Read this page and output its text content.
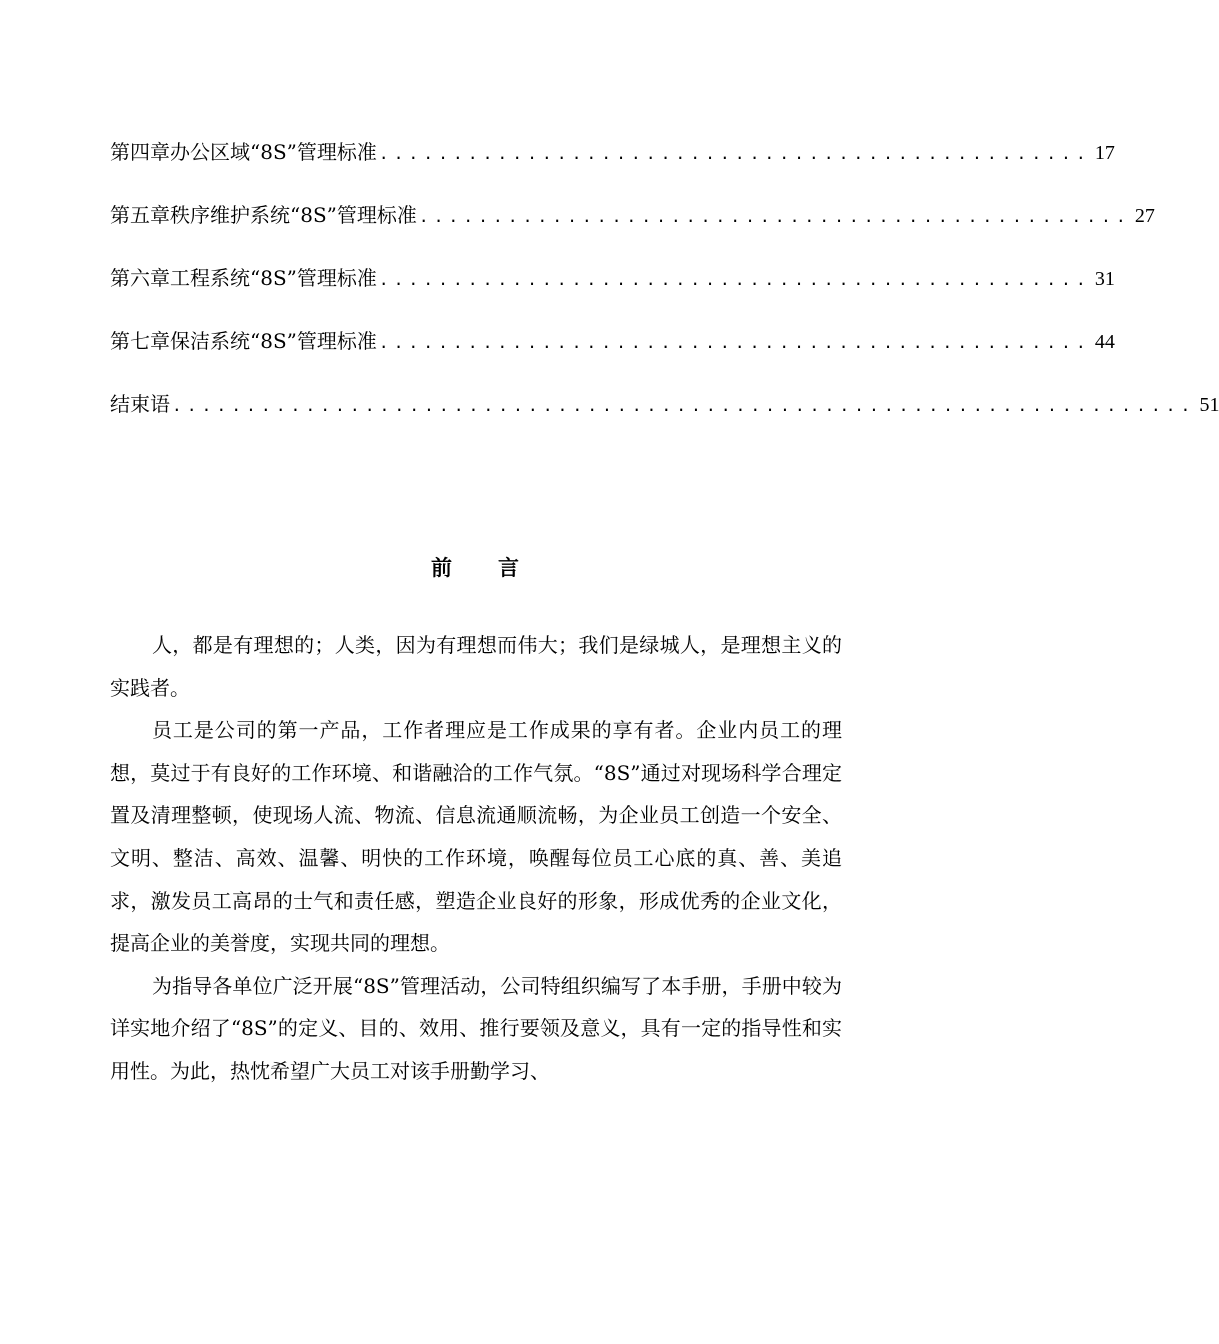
第四章 办公区域“8S”管理标准 ................................................ 17
第五章 秩序维护系统“8S”管理标准 ................................................ 27
第六章 工程系统“8S”管理标准 ................................................ 31
第七章 保洁系统“8S”管理标准 ................................................ 44
结束语 ..................................................................... 51
前言

人，都是有理想的；人类，因为有理想而伟大；我们是绿城人，是理想主义的实践者。

员工是公司的第一产品，工作者理应是工作成果的享有者。企业内员工的理想，莫过于有良好的工作环境、和谐融洽的工作气氛。“8S”通过对现场科学合理定置及清理整顿，使现场人流、物流、信息流通顺流畅，为企业员工创造一个安全、文明、整洁、高效、温馨、明快的工作环境，唤醒每位员工心底的真、善、美追求，激发员工高昂的士气和责任感，塑造企业良好的形象，形成优秀的企业文化，提高企业的美誉度，实现共同的理想。

为指导各单位广泛开展“8S”管理活动，公司特组织编写了本手册，手册中较为详实地介绍了“8S”的定义、目的、效用、推行要领及意义，具有一定的指导性和实用性。为此，热忱希望广大员工对该手册勤学习、
